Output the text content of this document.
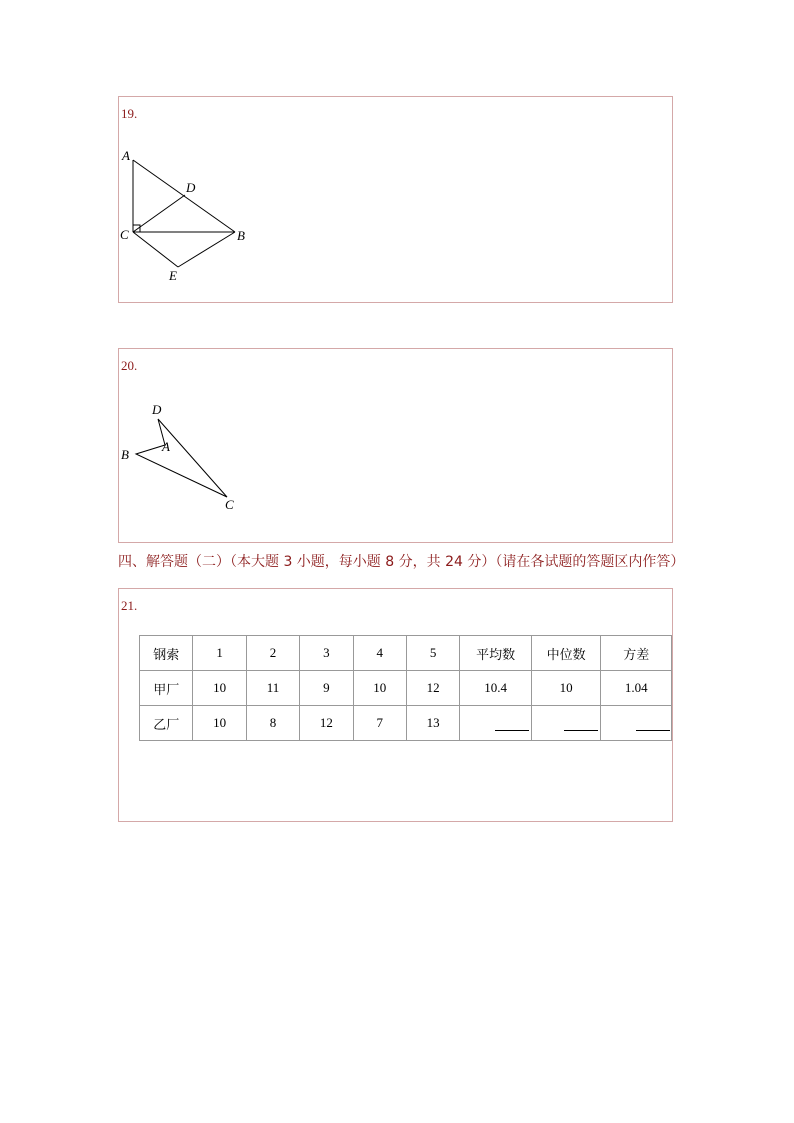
19.
A
D
C	B
E
20.
D
A
B
C
四、解答题（二）（本大题 3 小题，每小题 8 分，共 24 分）（请在各试题的答题区内作答）
21.
钢索	1	2	3	4	5	平均数	中位数	方差
甲厂	10	11	9	10	12	10.4	10	1.04
乙厂	10	8	12	7	13			
